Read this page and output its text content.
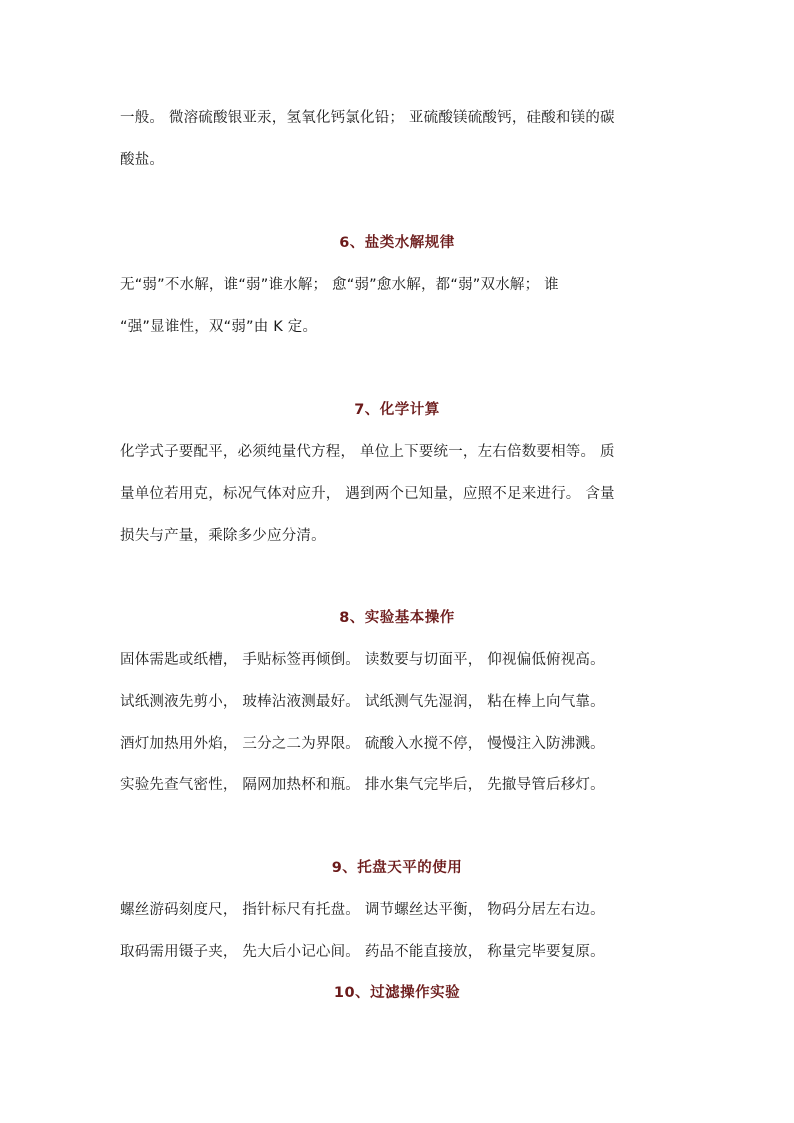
一般。 微溶硫酸银亚汞，氢氧化钙氯化铅； 亚硫酸镁硫酸钙，硅酸和镁的碳
酸盐。
6、盐类水解规律
无“弱”不水解，谁“弱”谁水解； 愈“弱”愈水解，都“弱”双水解； 谁
“强”显谁性，双“弱”由 K 定。
7、化学计算
化学式子要配平，必须纯量代方程， 单位上下要统一，左右倍数要相等。 质
量单位若用克，标况气体对应升， 遇到两个已知量，应照不足来进行。 含量
损失与产量，乘除多少应分清。
8、实验基本操作
固体需匙或纸槽， 手贴标签再倾倒。 读数要与切面平， 仰视偏低俯视高。
试纸测液先剪小， 玻棒沾液测最好。 试纸测气先湿润， 粘在棒上向气靠。
酒灯加热用外焰， 三分之二为界限。 硫酸入水搅不停， 慢慢注入防沸溅。
实验先查气密性， 隔网加热杯和瓶。 排水集气完毕后， 先撤导管后移灯。
9、托盘天平的使用
螺丝游码刻度尺， 指针标尺有托盘。 调节螺丝达平衡， 物码分居左右边。
取码需用镊子夹， 先大后小记心间。 药品不能直接放， 称量完毕要复原。
10、过滤操作实验
